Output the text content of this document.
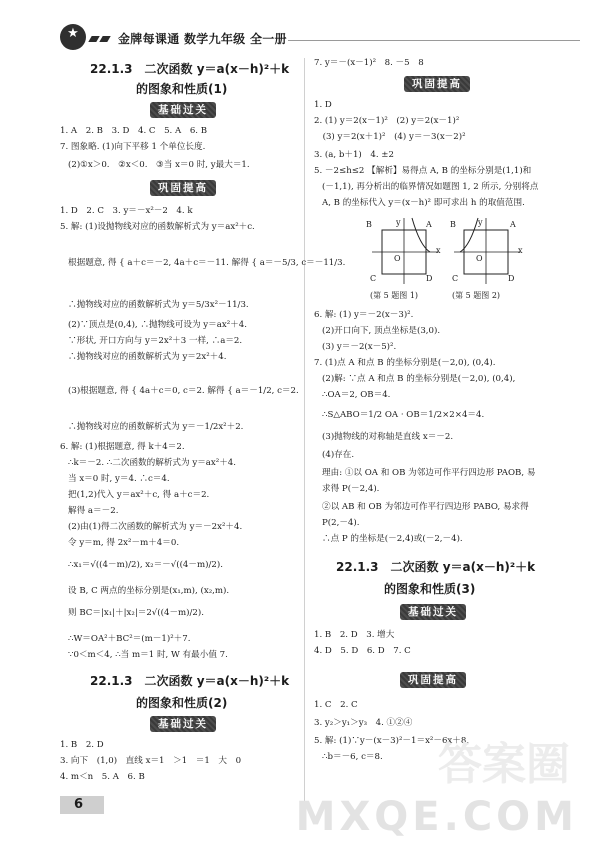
★	金牌每课通 数学九年级 全一册
22.1.3　二次函数 y＝a(x－h)²＋k
的图象和性质(1)
基础过关
1. A　2. B　3. D　4. C　5. A　6. B
7. 图象略. (1)向下平移 1 个单位长度.
(2)①x＞0.　②x＜0.　③当 x＝0 时, y最大＝1.
巩固提高
1. D　2. C　3. y＝－x²－2　4. k
5. 解: (1)设抛物线对应的函数解析式为 y＝ax²＋c.
根据题意, 得 { a＋c＝－2, 4a＋c＝－11. 解得 { a＝－5/3, c＝－11/3.
∴抛物线对应的函数解析式为 y＝5/3x²－11/3.
(2)∵顶点是(0,4), ∴抛物线可设为 y＝ax²＋4.
∵形状, 开口方向与 y＝2x²＋3 一样, ∴a＝2.
∴抛物线对应的函数解析式为 y＝2x²＋4.
(3)根据题意, 得 { 4a＋c＝0, c＝2. 解得 { a＝－1/2, c＝2.
∴抛物线对应的函数解析式为 y＝－1/2x²＋2.
6. 解: (1)根据题意, 得 k＋4＝2.
∴k＝－2. ∴二次函数的解析式为 y＝ax²＋4.
当 x＝0 时, y＝4. ∴c＝4.
把(1,2)代入 y＝ax²＋c, 得 a＋c＝2.
解得 a＝－2.
(2)由(1)得二次函数的解析式为 y＝－2x²＋4.
令 y＝m, 得 2x²－m＋4＝0.
∴x₁＝√((4－m)/2), x₂＝－√((4－m)/2).
设 B, C 两点的坐标分别是(x₁,m), (x₂,m).
则 BC＝|x₁|＋|x₂|＝2√((4－m)/2).
∴W＝OA²＋BC²＝(m－1)²＋7.
∵0＜m＜4, ∴当 m＝1 时, W 有最小值 7.
22.1.3　二次函数 y＝a(x－h)²＋k
的图象和性质(2)
基础过关
1. B　2. D
3. 向下　(1,0)　直线 x＝1　＞1　＝1　大　0
4. m＜n　5. A　6. B
7. y＝－(x－1)²　8. －5　8
巩固提高
1. D
2. (1) y＝2(x－1)²　(2) y＝2(x－1)²
　(3) y＝2(x＋1)²　(4) y＝－3(x－2)²
3. (a, b＋1)　4. ±2
5. －2≤h≤2 【解析】易得点 A, B 的坐标分别是(1,1)和
(－1,1), 再分析出的临界情况如题图 1, 2 所示, 分别将点
A, B 的坐标代入 y＝(x－h)² 即可求出 h 的取值范围.
B	A
y
O
x
C	D
(第 5 题图 1)
B	A
y
O
x
C	D
(第 5 题图 2)
6. 解: (1) y＝－2(x－3)².
(2)开口向下, 顶点坐标是(3,0).
(3) y＝－2(x－5)².
7. (1)点 A 和点 B 的坐标分别是(－2,0), (0,4).
(2)解: ∵点 A 和点 B 的坐标分别是(－2,0), (0,4),
∴OA＝2, OB＝4.
∴S△ABO＝1/2 OA · OB＝1/2×2×4＝4.
(3)抛物线的对称轴是直线 x＝－2.
(4)存在.
理由: ①以 OA 和 OB 为邻边可作平行四边形 PAOB, 易
求得 P(－2,4).
②以 AB 和 OB 为邻边可作平行四边形 PABO, 易求得
P(2,－4).
∴点 P 的坐标是(－2,4)或(－2,－4).
22.1.3　二次函数 y＝a(x－h)²＋k
的图象和性质(3)
基础过关
1. B　2. D　3. 增大
4. D　5. D　6. D　7. C
巩固提高
1. C　2. C
3. y₂＞y₁＞y₃　4. ①②④
5. 解: (1)∵y－(x－3)²－1＝x²－6x＋8,
∴b＝－6, c＝8.
6
答案圈
MXQE.COM
